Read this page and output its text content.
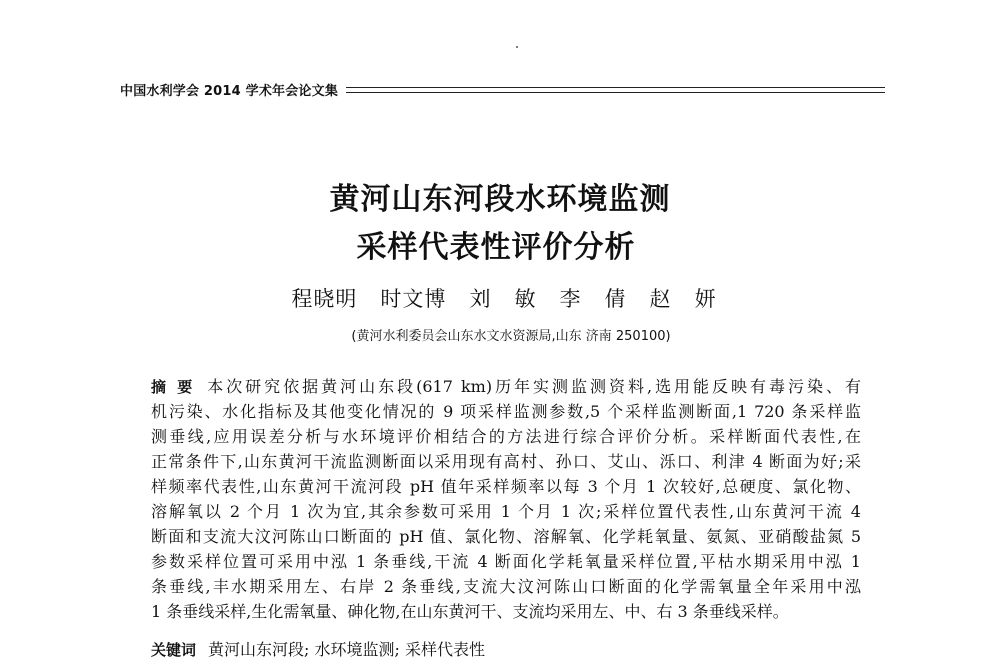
中国水利学会 2014 学术年会论文集
黄河山东河段水环境监测
采样代表性评价分析
程晓明   时文博   刘   敏   李   倩   赵   妍
(黄河水利委员会山东水文水资源局,山东 济南 250100)
摘 要 本次研究依据黄河山东段(617 km)历年实测监测资料,选用能反映有毒污染、有
机污染、水化指标及其他变化情况的 9 项采样监测参数,5 个采样监测断面,1 720 条采样监
测垂线,应用误差分析与水环境评价相结合的方法进行综合评价分析。采样断面代表性,在
正常条件下,山东黄河干流监测断面以采用现有高村、孙口、艾山、泺口、利津 4 断面为好;采
样频率代表性,山东黄河干流河段 pH 值年采样频率以每 3 个月 1 次较好,总硬度、氯化物、
溶解氧以 2 个月 1 次为宜,其余参数可采用 1 个月 1 次;采样位置代表性,山东黄河干流 4
断面和支流大汶河陈山口断面的 pH 值、氯化物、溶解氧、化学耗氧量、氨氮、亚硝酸盐氮 5
参数采样位置可采用中泓 1 条垂线,干流 4 断面化学耗氧量采样位置,平枯水期采用中泓 1
条垂线,丰水期采用左、右岸 2 条垂线,支流大汶河陈山口断面的化学需氧量全年采用中泓
1 条垂线采样,生化需氧量、砷化物,在山东黄河干、支流均采用左、中、右 3 条垂线采样。
关键词 黄河山东河段; 水环境监测; 采样代表性
